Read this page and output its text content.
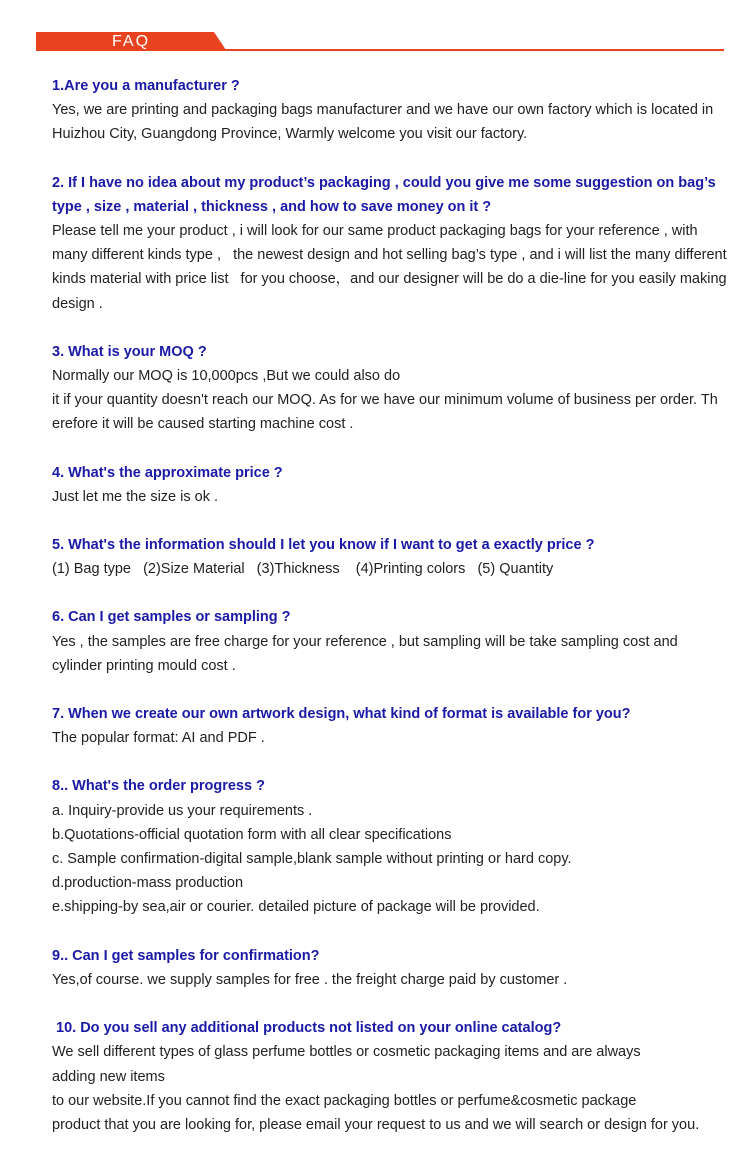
FAQ
1.Are you a manufacturer ?
Yes, we are printing and packaging bags manufacturer and we have our own factory which is located in
Huizhou City, Guangdong Province, Warmly welcome you visit our factory.
2. If I have no idea about my product’s packaging , could you give me some suggestion on bag’s
type , size , material , thickness , and how to save money on it ?
Please tell me your product , i will look for our same product packaging bags for your reference , with
many different kinds type ,   the newest design and hot selling bag’s type , and i will list the many different
kinds material with price list   for you choose，and our designer will be do a die-line for you easily making
design .
3. What is your MOQ ?
Normally our MOQ is 10,000pcs ,But we could also do
it if your quantity doesn't reach our MOQ. As for we have our minimum volume of business per order. Th
erefore it will be caused starting machine cost .
4. What's the approximate price ?
Just let me the size is ok .
5. What's the information should I let you know if I want to get a exactly price ?
(1) Bag type   (2)Size Material   (3)Thickness    (4)Printing colors   (5) Quantity
6. Can I get samples or sampling ?
Yes , the samples are free charge for your reference , but sampling will be take sampling cost and
cylinder printing mould cost .
7. When we create our own artwork design, what kind of format is available for you?
The popular format: AI and PDF .
8.. What's the order progress ?
a. Inquiry-provide us your requirements .
b.Quotations-official quotation form with all clear specifications
c. Sample confirmation-digital sample,blank sample without printing or hard copy.
d.production-mass production
e.shipping-by sea,air or courier. detailed picture of package will be provided.
9.. Can I get samples for confirmation?
Yes,of course. we supply samples for free . the freight charge paid by customer .
10. Do you sell any additional products not listed on your online catalog?
We sell different types of glass perfume bottles or cosmetic packaging items and are always
adding new items
to our website.If you cannot find the exact packaging bottles or perfume&cosmetic package
product that you are looking for, please email your request to us and we will search or design for you.
